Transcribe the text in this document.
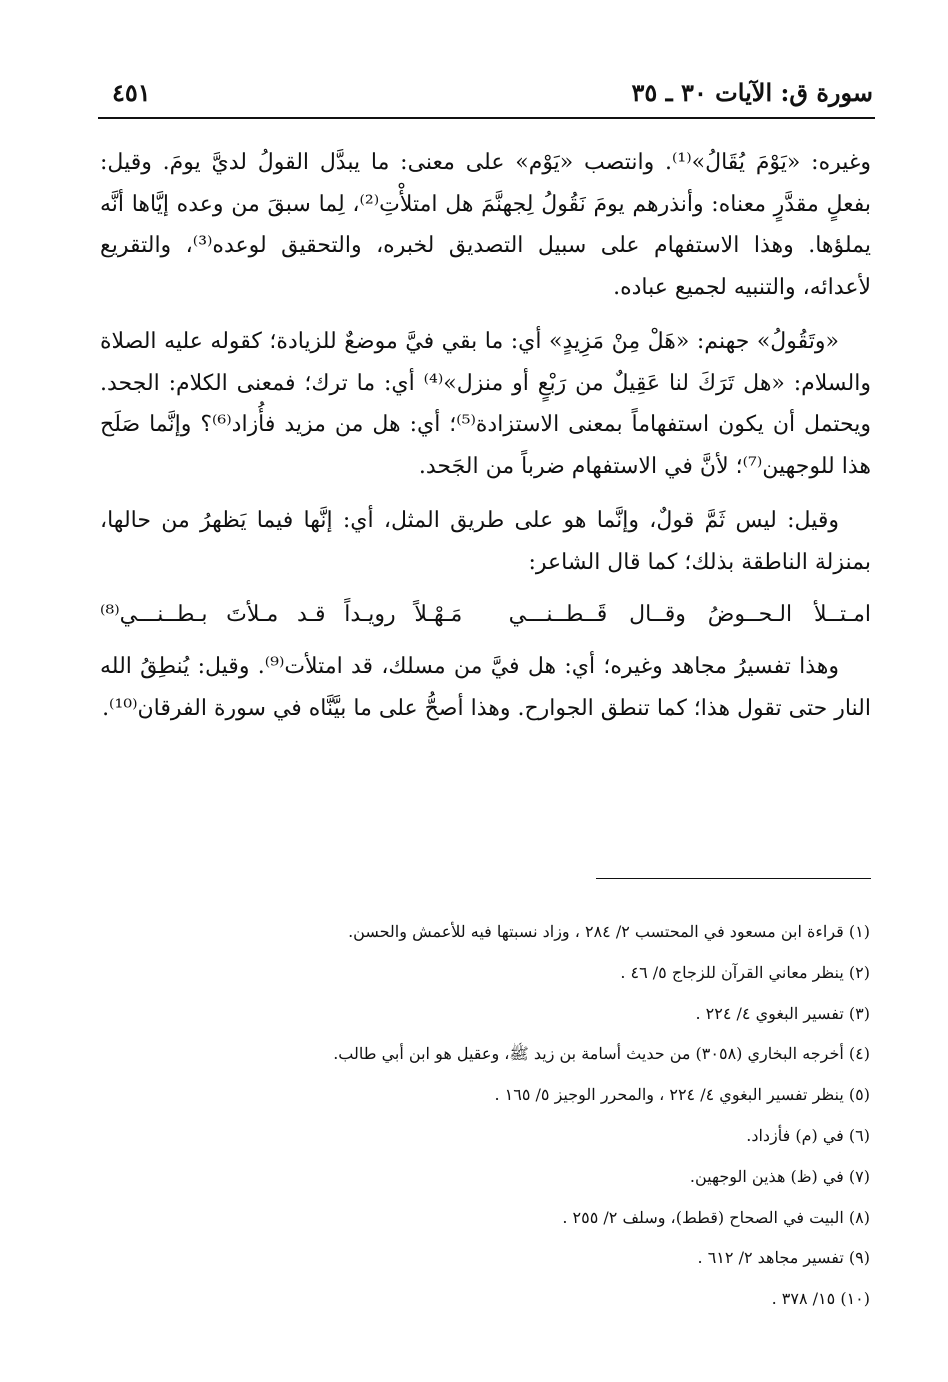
سورة ق: الآيات ٣٠ ـ ٣٥
٤٥١

وغيره: «يَوْمَ يُقَالُ»⁽¹⁾. وانتصب «يَوْم» على معنى: ما يبدَّل القولُ لديَّ يومَ. وقيل: بفعلٍ مقدَّرٍ معناه: وأنذرهم يومَ نَقُولُ لِجهنَّمَ هل امتلأْتِ⁽²⁾، لِما سبقَ من وعده إيَّاها أنَّه يملؤها. وهذا الاستفهام على سبيل التصديق لخبره، والتحقيق لوعده⁽³⁾، والتقريع لأعدائه، والتنبيه لجميع عباده.

«وتَقُولُ» جهنم: «هَلْ مِنْ مَزِيدٍ» أي: ما بقي فيَّ موضعٌ للزيادة؛ كقوله عليه الصلاة والسلام: «هل تَرَكَ لنا عَقِيلٌ من رَبْعٍ أو منزل»⁽⁴⁾ أي: ما ترك؛ فمعنى الكلام: الجحد. ويحتمل أن يكون استفهاماً بمعنى الاستزادة⁽⁵⁾؛ أي: هل من مزيد فأُزاد⁽⁶⁾؟ وإنَّما صَلَح هذا للوجهين⁽⁷⁾؛ لأنَّ في الاستفهام ضرباً من الجَحد.

وقيل: ليس ثَمَّ قولٌ، وإنَّما هو على طريق المثل، أي: إنَّها فيما يَظهرُ من حالها، بمنزلة الناطقة بذلك؛ كما قال الشاعر:

امـتــلأ الـحــوضُ وقــال قَــطــنـــي
مَـهْـلاً رويـداً قـد مـلأتَ بـطــنـــي⁽⁸⁾

وهذا تفسيرُ مجاهد وغيره؛ أي: هل فيَّ من مسلك، قد امتلأت⁽⁹⁾. وقيل: يُنطِقُ الله النار حتى تقول هذا؛ كما تنطق الجوارح. وهذا أصحُّ على ما بيَّنَّاه في سورة الفرقان⁽¹⁰⁾.

(١) قراءة ابن مسعود في المحتسب ٢/ ٢٨٤ ، وزاد نسبتها فيه للأعمش والحسن.
(٢) ينظر معاني القرآن للزجاج ٥/ ٤٦ .
(٣) تفسير البغوي ٤/ ٢٢٤ .
(٤) أخرجه البخاري (٣٠٥٨) من حديث أسامة بن زيد ﷺ، وعقيل هو ابن أبي طالب.
(٥) ينظر تفسير البغوي ٤/ ٢٢٤ ، والمحرر الوجيز ٥/ ١٦٥ .
(٦) في (م) فأزداد.
(٧) في (ظ) هذين الوجهين.
(٨) البيت في الصحاح (قطط)، وسلف ٢/ ٢٥٥ .
(٩) تفسير مجاهد ٢/ ٦١٢ .
(١٠) ١٥/ ٣٧٨ .
